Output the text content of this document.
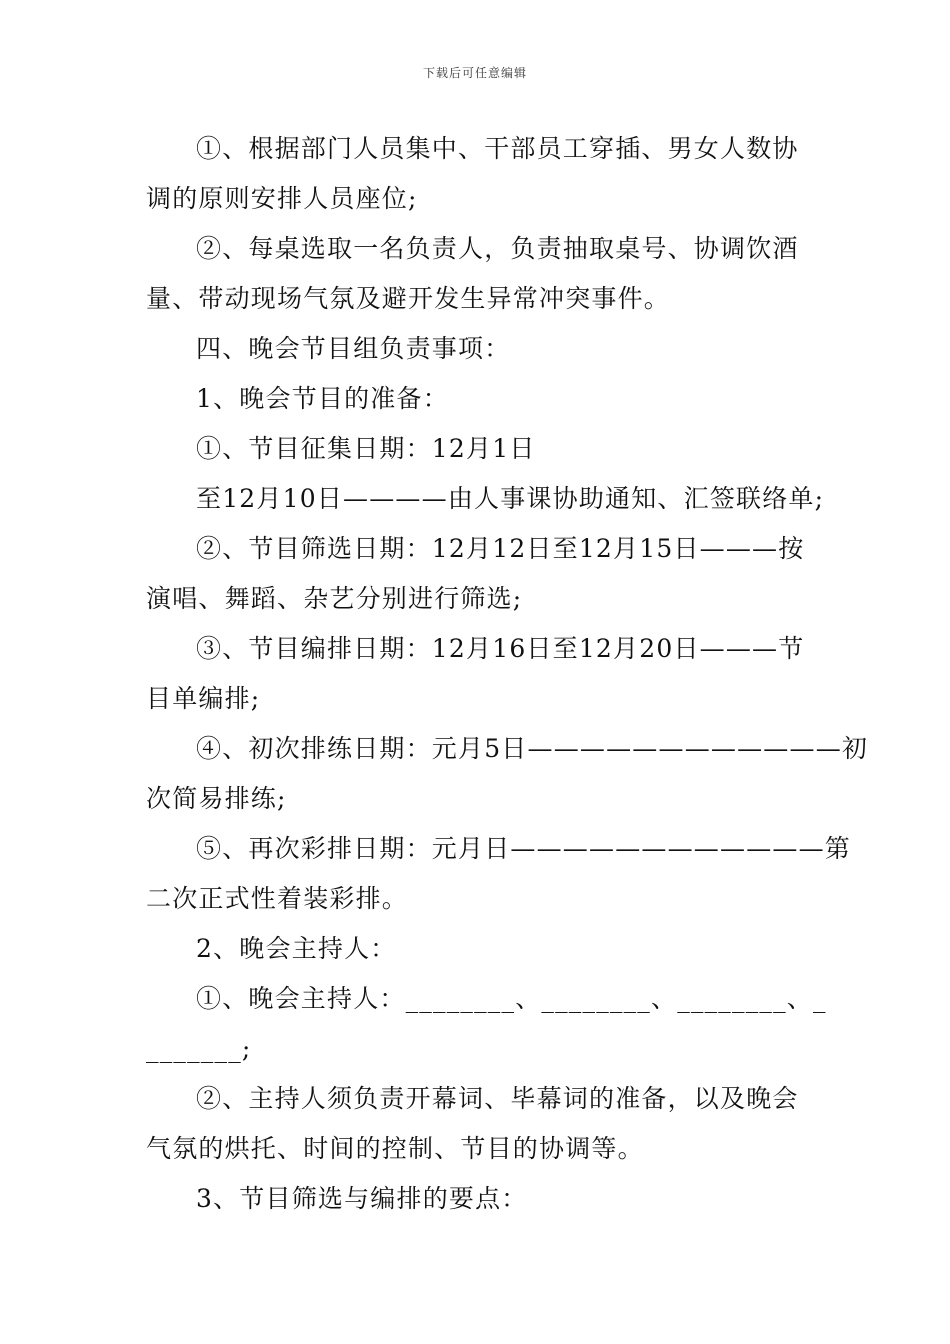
下载后可任意编辑
①、根据部门人员集中、干部员工穿插、男女人数协
调的原则安排人员座位;
②、每桌选取一名负责人，负责抽取桌号、协调饮酒
量、带动现场气氛及避开发生异常冲突事件。
四、晚会节目组负责事项：
1、晚会节目的准备：
①、节目征集日期：12月1日
至12月10日————由人事课协助通知、汇签联络单;
②、节目筛选日期：12月12日至12月15日———按
演唱、舞蹈、杂艺分别进行筛选;
③、节目编排日期：12月16日至12月20日———节
目单编排;
④、初次排练日期：元月5日————————————初
次简易排练;
⑤、再次彩排日期：元月日————————————第
二次正式性着装彩排。
2、晚会主持人：
①、晚会主持人：________、________、________、_
_______;
②、主持人须负责开幕词、毕幕词的准备，以及晚会
气氛的烘托、时间的控制、节目的协调等。
3、节目筛选与编排的要点：
